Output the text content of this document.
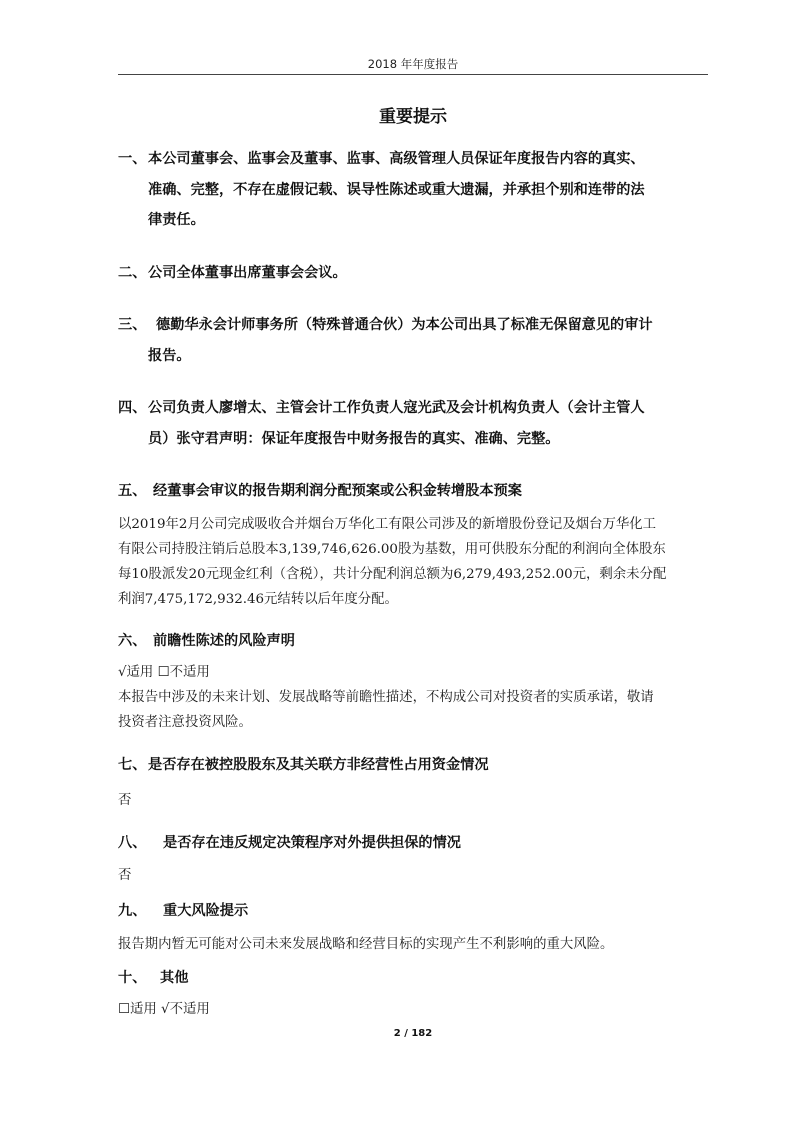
2018 年年度报告
重要提示
一、 本公司董事会、监事会及董事、监事、高级管理人员保证年度报告内容的真实、
准确、完整，不存在虚假记载、误导性陈述或重大遗漏，并承担个别和连带的法
律责任。
二、 公司全体董事出席董事会会议。
三、 德勤华永会计师事务所（特殊普通合伙）为本公司出具了标准无保留意见的审计
报告。
四、 公司负责人廖增太、主管会计工作负责人寇光武及会计机构负责人（会计主管人
员）张守君声明：保证年度报告中财务报告的真实、准确、完整。
五、 经董事会审议的报告期利润分配预案或公积金转增股本预案
以2019年2月公司完成吸收合并烟台万华化工有限公司涉及的新增股份登记及烟台万华化工
有限公司持股注销后总股本3,139,746,626.00股为基数，用可供股东分配的利润向全体股东
每10股派发20元现金红利（含税），共计分配利润总额为6,279,493,252.00元，剩余未分配
利润7,475,172,932.46元结转以后年度分配。
六、 前瞻性陈述的风险声明
√适用 ☐不适用
本报告中涉及的未来计划、发展战略等前瞻性描述，不构成公司对投资者的实质承诺，敬请
投资者注意投资风险。
七、 是否存在被控股股东及其关联方非经营性占用资金情况
否
八、 是否存在违反规定决策程序对外提供担保的情况
否
九、 重大风险提示
报告期内暂无可能对公司未来发展战略和经营目标的实现产生不利影响的重大风险。
十、 其他
☐适用 √不适用
2 / 182
